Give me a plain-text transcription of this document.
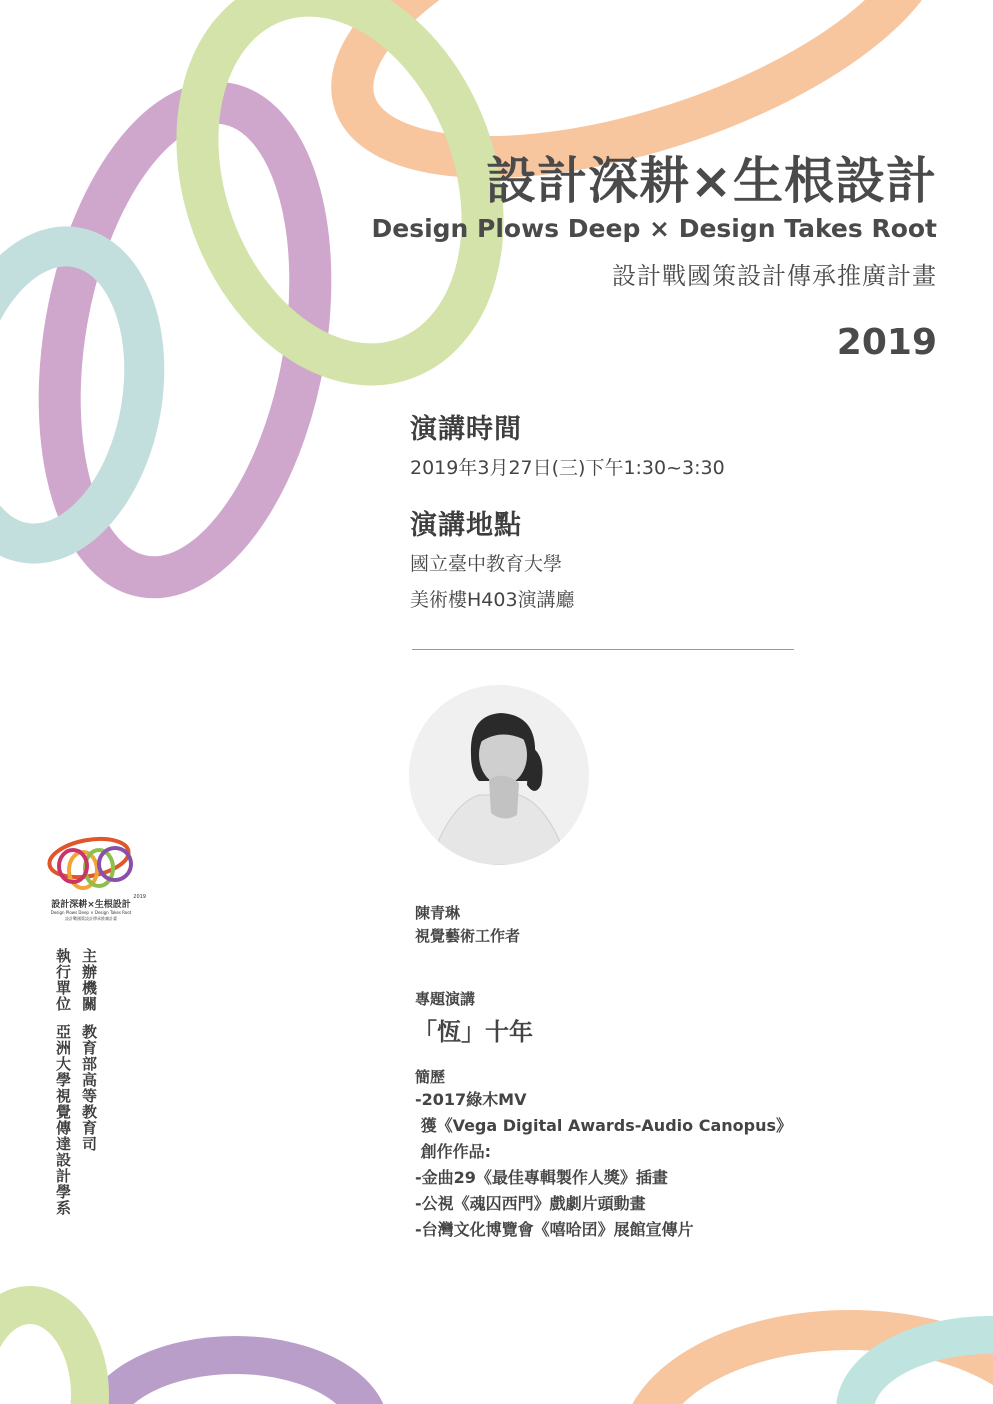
設計深耕×生根設計
Design Plows Deep × Design Takes Root
設計戰國策設計傳承推廣計畫
2019
演講時間
2019年3月27日(三)下午1:30~3:30
演講地點
國立臺中教育大學
美術樓H403演講廳
陳青琳
視覺藝術工作者
專題演講
「恆」十年
簡歷
-2017綠木MV
獲《Vega Digital Awards-Audio Canopus》
創作作品:
-金曲29《最佳專輯製作人獎》插畫
-公視《魂囚西門》戲劇片頭動畫
-台灣文化博覽會《嘻哈囝》展館宣傳片
2019
設計深耕×生根設計
Design Plows Deep × Design Takes Root
設計戰國策設計傳承推廣計畫
主辦機關教育部高等教育司
執行單位亞洲大學視覺傳達設計學系
